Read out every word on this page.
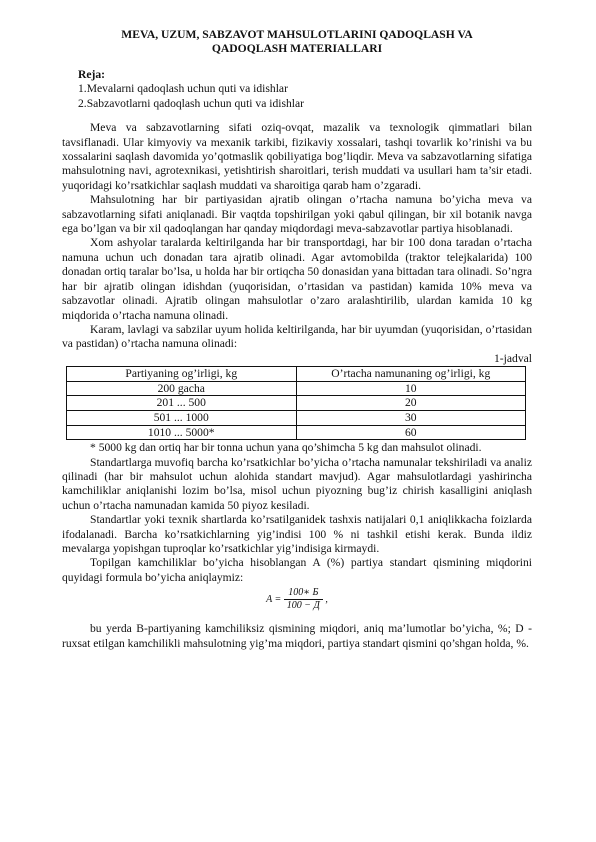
MEVA, UZUM, SABZAVOT MAHSULOTLARINI QADOQLASH VA
QADOQLASH MATERIALLARI
Reja:
1.Mevalarni qadoqlash uchun quti va idishlar
2.Sabzavotlarni qadoqlash uchun quti va idishlar

Meva va sabzavotlarning sifati oziq-ovqat, mazalik va texnologik qimmatlari bilan tavsiflanadi. Ular kimyoviy va mexanik tarkibi, fizikaviy xossalari, tashqi tovarlik ko’rinishi va bu xossalarini saqlash davomida yo’qotmaslik qobiliyatiga bog’liqdir. Meva va sabzavotlarning sifatiga mahsulotning navi, agrotexnikasi, yetishtirish sharoitlari, terish muddati va usullari ham ta’sir etadi. yuqoridagi ko’rsatkichlar saqlash muddati va sharoitiga qarab ham o’zgaradi.

Mahsulotning har bir partiyasidan ajratib olingan o’rtacha namuna bo’yicha meva va sabzavotlarning sifati aniqlanadi. Bir vaqtda topshirilgan yoki qabul qilingan, bir xil botanik navga ega bo’lgan va bir xil qadoqlangan har qanday miqdordagi meva-sabzavotlar partiya hisoblanadi.

Xom ashyolar taralarda keltirilganda har bir transportdagi, har bir 100 dona taradan o’rtacha namuna uchun uch donadan tara ajratib olinadi. Agar avtomobilda (traktor telejkalarida) 100 donadan ortiq taralar bo’lsa, u holda har bir ortiqcha 50 donasidan yana bittadan tara olinadi. So’ngra har bir ajratib olingan idishdan (yuqorisidan, o’rtasidan va pastidan) kamida 10% meva va sabzavotlar olinadi. Ajratib olingan mahsulotlar o’zaro aralashtirilib, ulardan kamida 10 kg miqdorida o’rtacha namuna olinadi.

Karam, lavlagi va sabzilar uyum holida keltirilganda, har bir uyumdan (yuqorisidan, o’rtasidan va pastidan) o’rtacha namuna olinadi:

1-jadval
Partiyaning og’irligi, kg	O’rtacha namunaning og’irligi, kg
200 gacha	10
201 ... 500	20
501 ... 1000	30
1010 ... 5000*	60

* 5000 kg dan ortiq har bir tonna uchun yana qo’shimcha 5 kg dan mahsulot olinadi.

Standartlarga muvofiq barcha ko’rsatkichlar bo’yicha o’rtacha namunalar tekshiriladi va analiz qilinadi (har bir mahsulot uchun alohida standart mavjud). Agar mahsulotlardagi yashirincha kamchiliklar aniqlanishi lozim bo’lsa, misol uchun piyozning bug’iz chirish kasalligini aniqlash uchun o’rtacha namunadan kamida 50 piyoz kesiladi.

Standartlar yoki texnik shartlarda ko’rsatilganidek tashxis natijalari 0,1 aniqlikkacha foizlarda ifodalanadi. Barcha ko’rsatkichlarning yig’indisi 100 % ni tashkil etishi kerak. Bunda ildiz mevalarga yopishgan tuproqlar ko’rsatkichlar yig’indisiga kirmaydi.

Topilgan kamchiliklar bo’yicha hisoblangan A (%) partiya standart qismining miqdorini quyidagi formula bo’yicha aniqlaymiz:

$A = \frac{100∗ Б}{100 - Д}$ ,

bu yerda B-partiyaning kamchiliksiz qismining miqdori, aniq ma’lumotlar bo’yicha, %; D - ruxsat etilgan kamchilikli mahsulotning yig’ma miqdori, partiya standart qismini qo’shgan holda, %.
